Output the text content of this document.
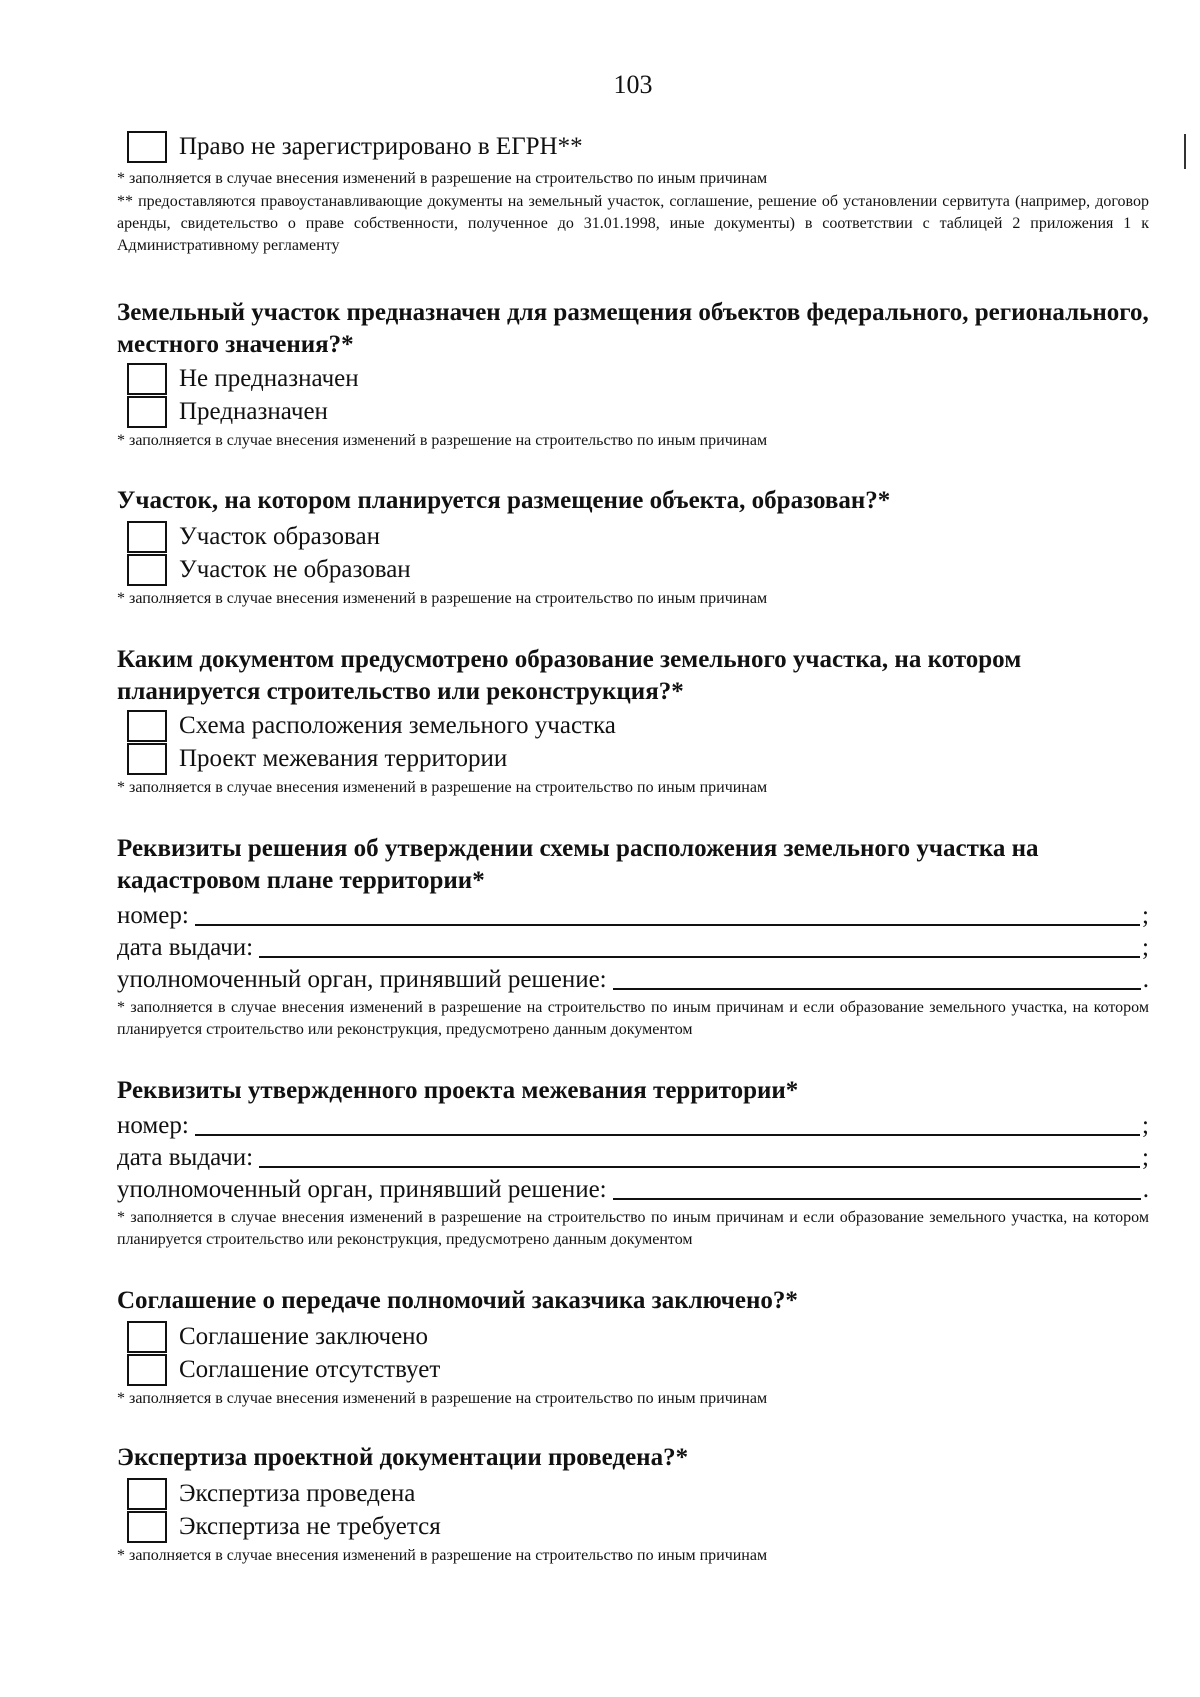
103
Право не зарегистрировано в ЕГРН**
* заполняется в случае внесения изменений в разрешение на строительство по иным причинам
** предоставляются правоустанавливающие документы на земельный участок, соглашение, решение об установлении сервитута (например, договор аренды, свидетельство о праве собственности, полученное до 31.01.1998, иные документы) в соответствии с таблицей 2 приложения 1 к Административному регламенту
Земельный участок предназначен для размещения объектов федерального, регионального, местного значения?*
Не предназначен
Предназначен
* заполняется в случае внесения изменений в разрешение на строительство по иным причинам
Участок, на котором планируется размещение объекта, образован?*
Участок образован
Участок не образован
* заполняется в случае внесения изменений в разрешение на строительство по иным причинам
Каким документом предусмотрено образование земельного участка, на котором планируется строительство или реконструкция?*
Схема расположения земельного участка
Проект межевания территории
* заполняется в случае внесения изменений в разрешение на строительство по иным причинам
Реквизиты решения об утверждении схемы расположения земельного участка на кадастровом плане территории*
номер:	;
дата выдачи:	;
уполномоченный орган, принявший решение:	.
* заполняется в случае внесения изменений в разрешение на строительство по иным причинам и если образование земельного участка, на котором планируется строительство или реконструкция, предусмотрено данным документом
Реквизиты утвержденного проекта межевания территории*
номер:	;
дата выдачи:	;
уполномоченный орган, принявший решение:	.
* заполняется в случае внесения изменений в разрешение на строительство по иным причинам и если образование земельного участка, на котором планируется строительство или реконструкция, предусмотрено данным документом
Соглашение о передаче полномочий заказчика заключено?*
Соглашение заключено
Соглашение отсутствует
* заполняется в случае внесения изменений в разрешение на строительство по иным причинам
Экспертиза проектной документации проведена?*
Экспертиза проведена
Экспертиза не требуется
* заполняется в случае внесения изменений в разрешение на строительство по иным причинам
